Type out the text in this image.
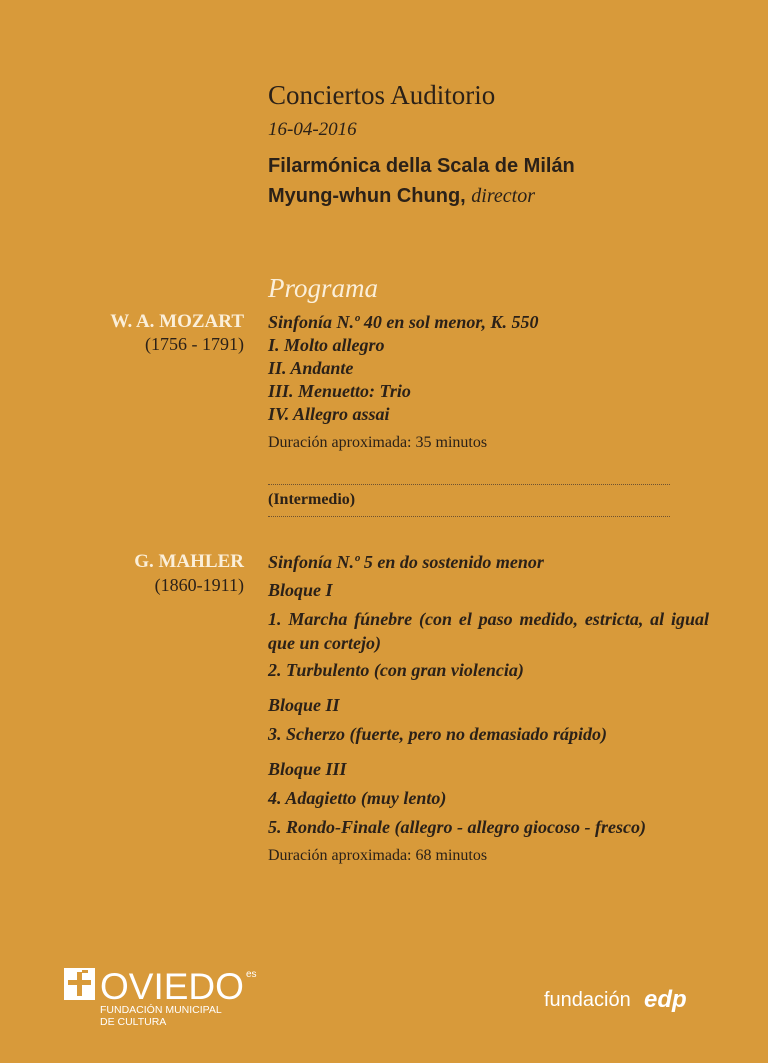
Conciertos Auditorio
16-04-2016
Filarmónica della Scala de Milán
Myung-whun Chung, director
Programa
W. A. MOZART
(1756 - 1791)
Sinfonía N.º 40 en sol menor, K. 550
I. Molto allegro
II. Andante
III. Menuetto: Trio
IV. Allegro assai
Duración aproximada: 35 minutos
(Intermedio)
G. MAHLER
(1860-1911)
Sinfonía N.º 5 en do sostenido menor
Bloque I
1. Marcha fúnebre (con el paso medido, estricta, al igual que un cortejo)
2. Turbulento (con gran violencia)
Bloque II
3. Scherzo (fuerte, pero no demasiado rápido)
Bloque III
4. Adagietto (muy lento)
5. Rondo-Finale (allegro - allegro giocoso - fresco)
Duración aproximada: 68 minutos
OVIEDO es
FUNDACIÓN MUNICIPAL
DE CULTURA
fundación edp
